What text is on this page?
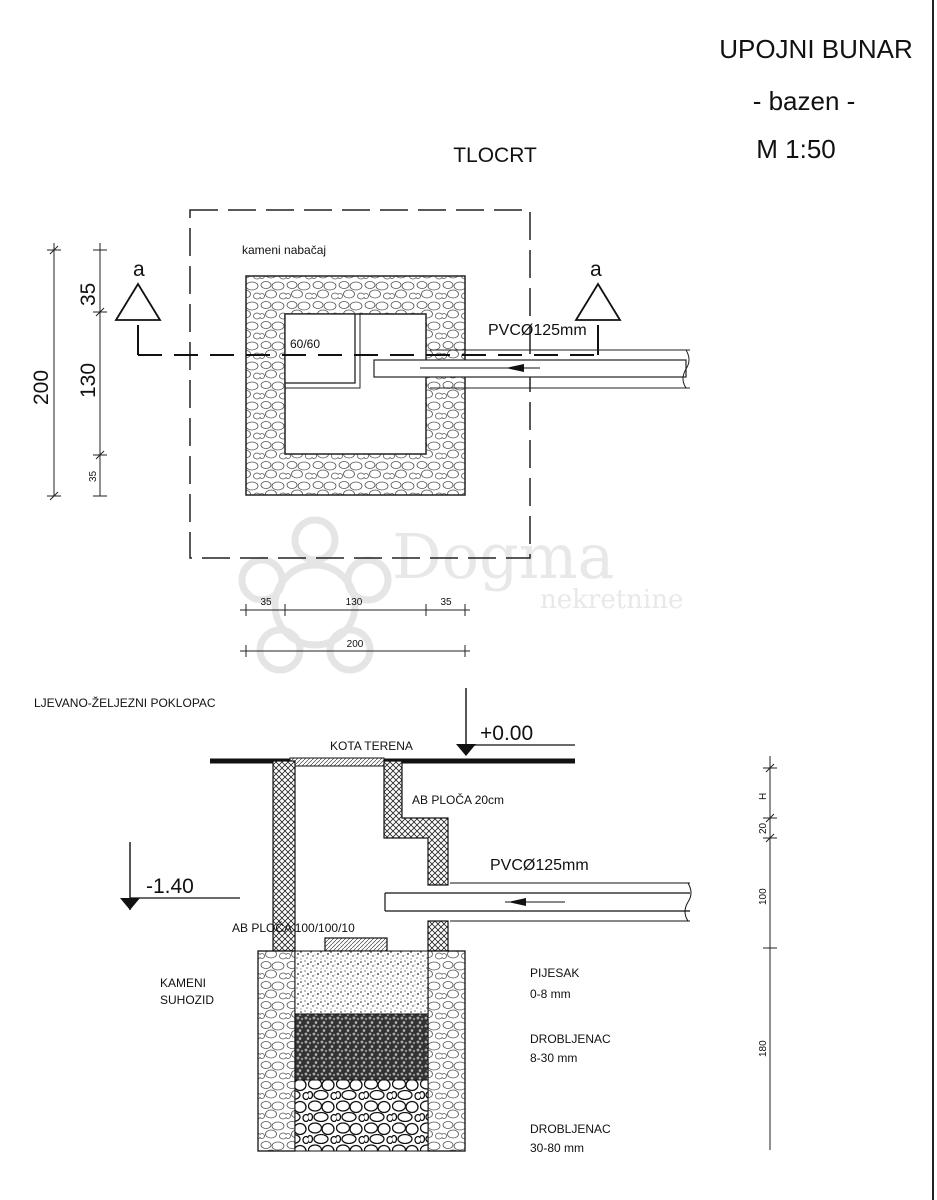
UPOJNI BUNAR
- bazen -
M 1:50
TLOCRT
Dogma
nekretnine
kameni nabačaj
60/60
a	a
PVCØ125mm
200
35
130
35
35	130	35
200
LJEVANO-ŽELJEZNI POKLOPAC
+0.00
KOTA TERENA
AB PLOČA 20cm
PVCØ125mm
-1.40
AB PLOČA 100/100/10
KAMENI
SUHOZID
PIJESAK
0-8 mm
DROBLJENAC
8-30 mm
DROBLJENAC
30-80 mm
H
20
100
180
